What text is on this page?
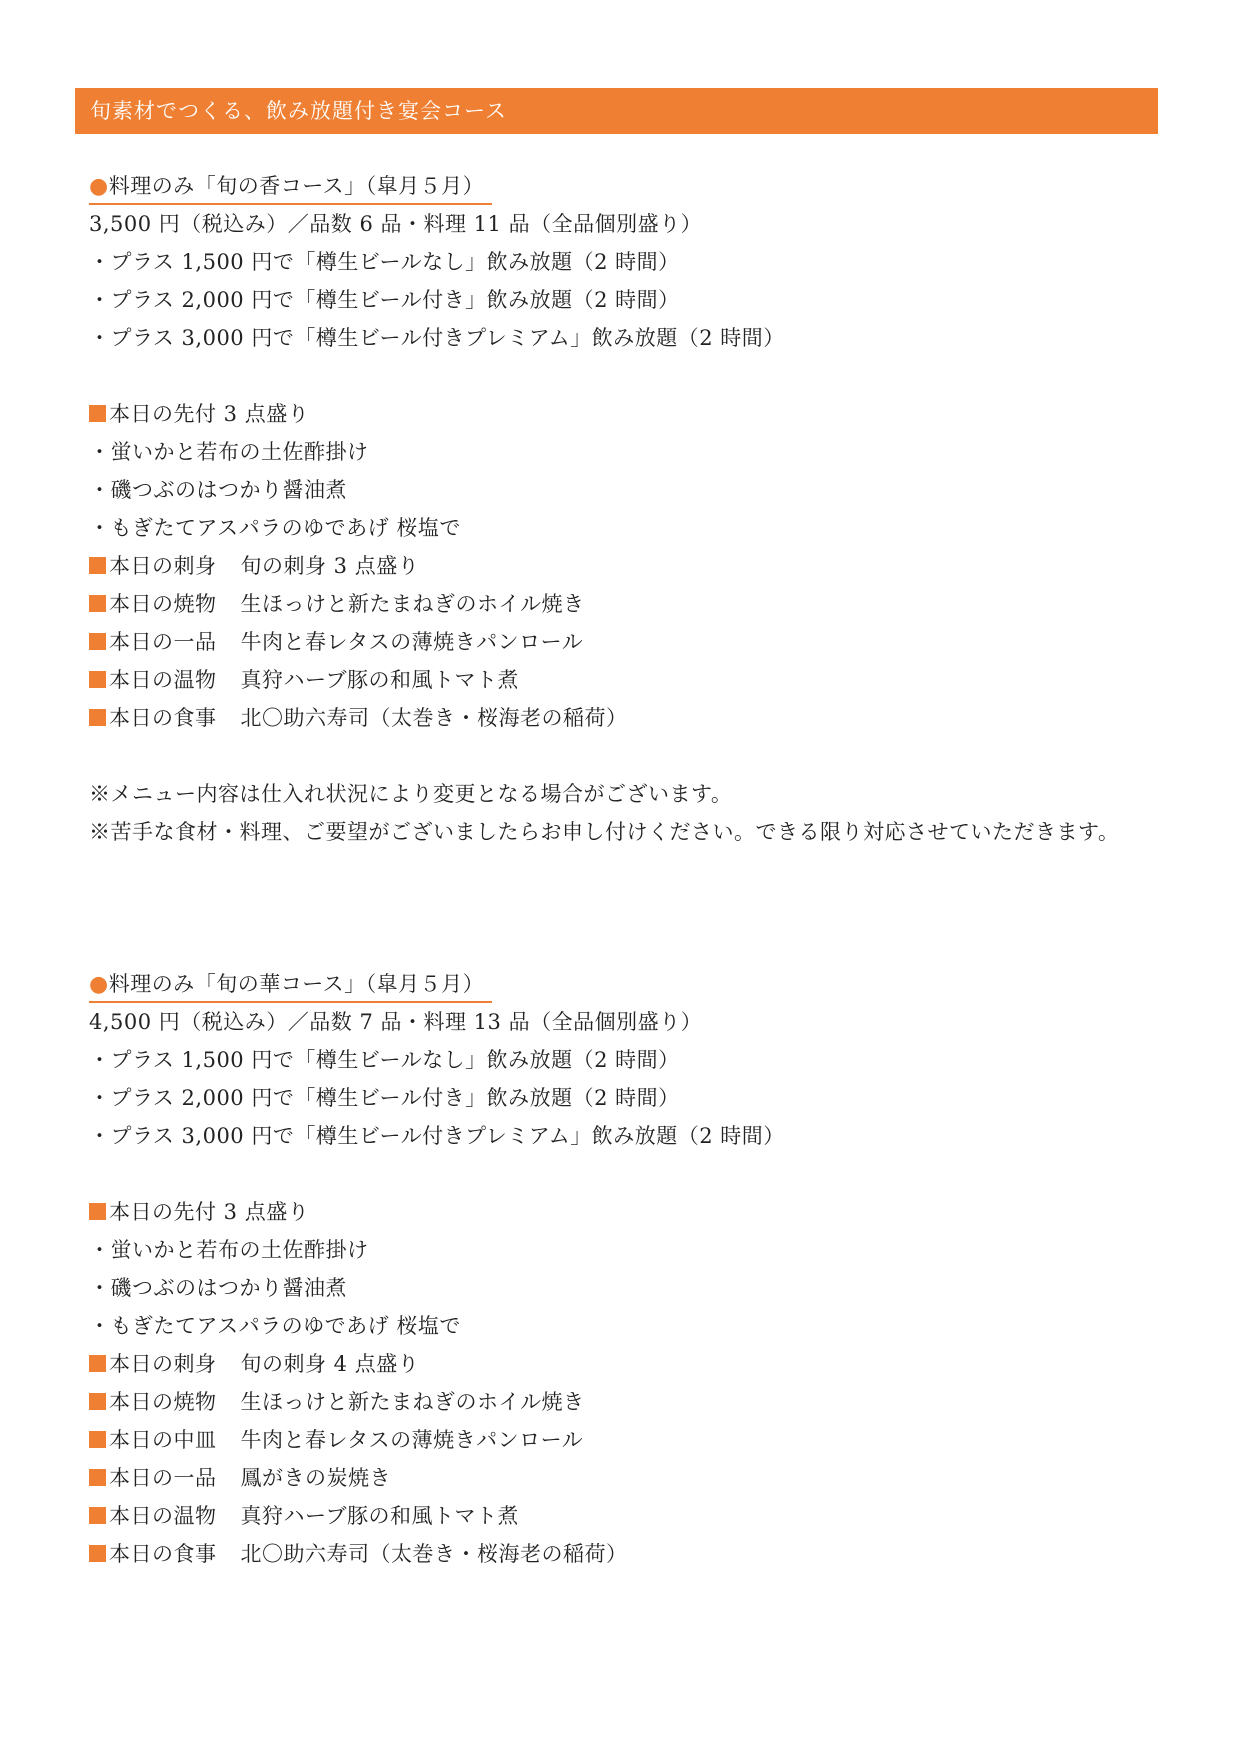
旬素材でつくる、飲み放題付き宴会コース
●料理のみ「旬の香コース」（皐月５月）
3,500 円（税込み）／品数 6 品・料理 11 品（全品個別盛り）
・プラス 1,500 円で「樽生ビールなし」飲み放題（2 時間）
・プラス 2,000 円で「樽生ビール付き」飲み放題（2 時間）
・プラス 3,000 円で「樽生ビール付きプレミアム」飲み放題（2 時間）
本日の先付 3 点盛り
・蛍いかと若布の土佐酢掛け
・磯つぶのはつかり醤油煮
・もぎたてアスパラのゆであげ 桜塩で
本日の刺身 旬の刺身 3 点盛り
本日の焼物 生ほっけと新たまねぎのホイル焼き
本日の一品 牛肉と春レタスの薄焼きパンロール
本日の温物 真狩ハーブ豚の和風トマト煮
本日の食事 北〇助六寿司（太巻き・桜海老の稲荷）
※メニュー内容は仕入れ状況により変更となる場合がございます。
※苦手な食材・料理、ご要望がございましたらお申し付けください。できる限り対応させていただきます。
●料理のみ「旬の華コース」（皐月５月）
4,500 円（税込み）／品数 7 品・料理 13 品（全品個別盛り）
・プラス 1,500 円で「樽生ビールなし」飲み放題（2 時間）
・プラス 2,000 円で「樽生ビール付き」飲み放題（2 時間）
・プラス 3,000 円で「樽生ビール付きプレミアム」飲み放題（2 時間）
本日の先付 3 点盛り
・蛍いかと若布の土佐酢掛け
・磯つぶのはつかり醤油煮
・もぎたてアスパラのゆであげ 桜塩で
本日の刺身 旬の刺身 4 点盛り
本日の焼物 生ほっけと新たまねぎのホイル焼き
本日の中皿 牛肉と春レタスの薄焼きパンロール
本日の一品 鳳がきの炭焼き
本日の温物 真狩ハーブ豚の和風トマト煮
本日の食事 北〇助六寿司（太巻き・桜海老の稲荷）
